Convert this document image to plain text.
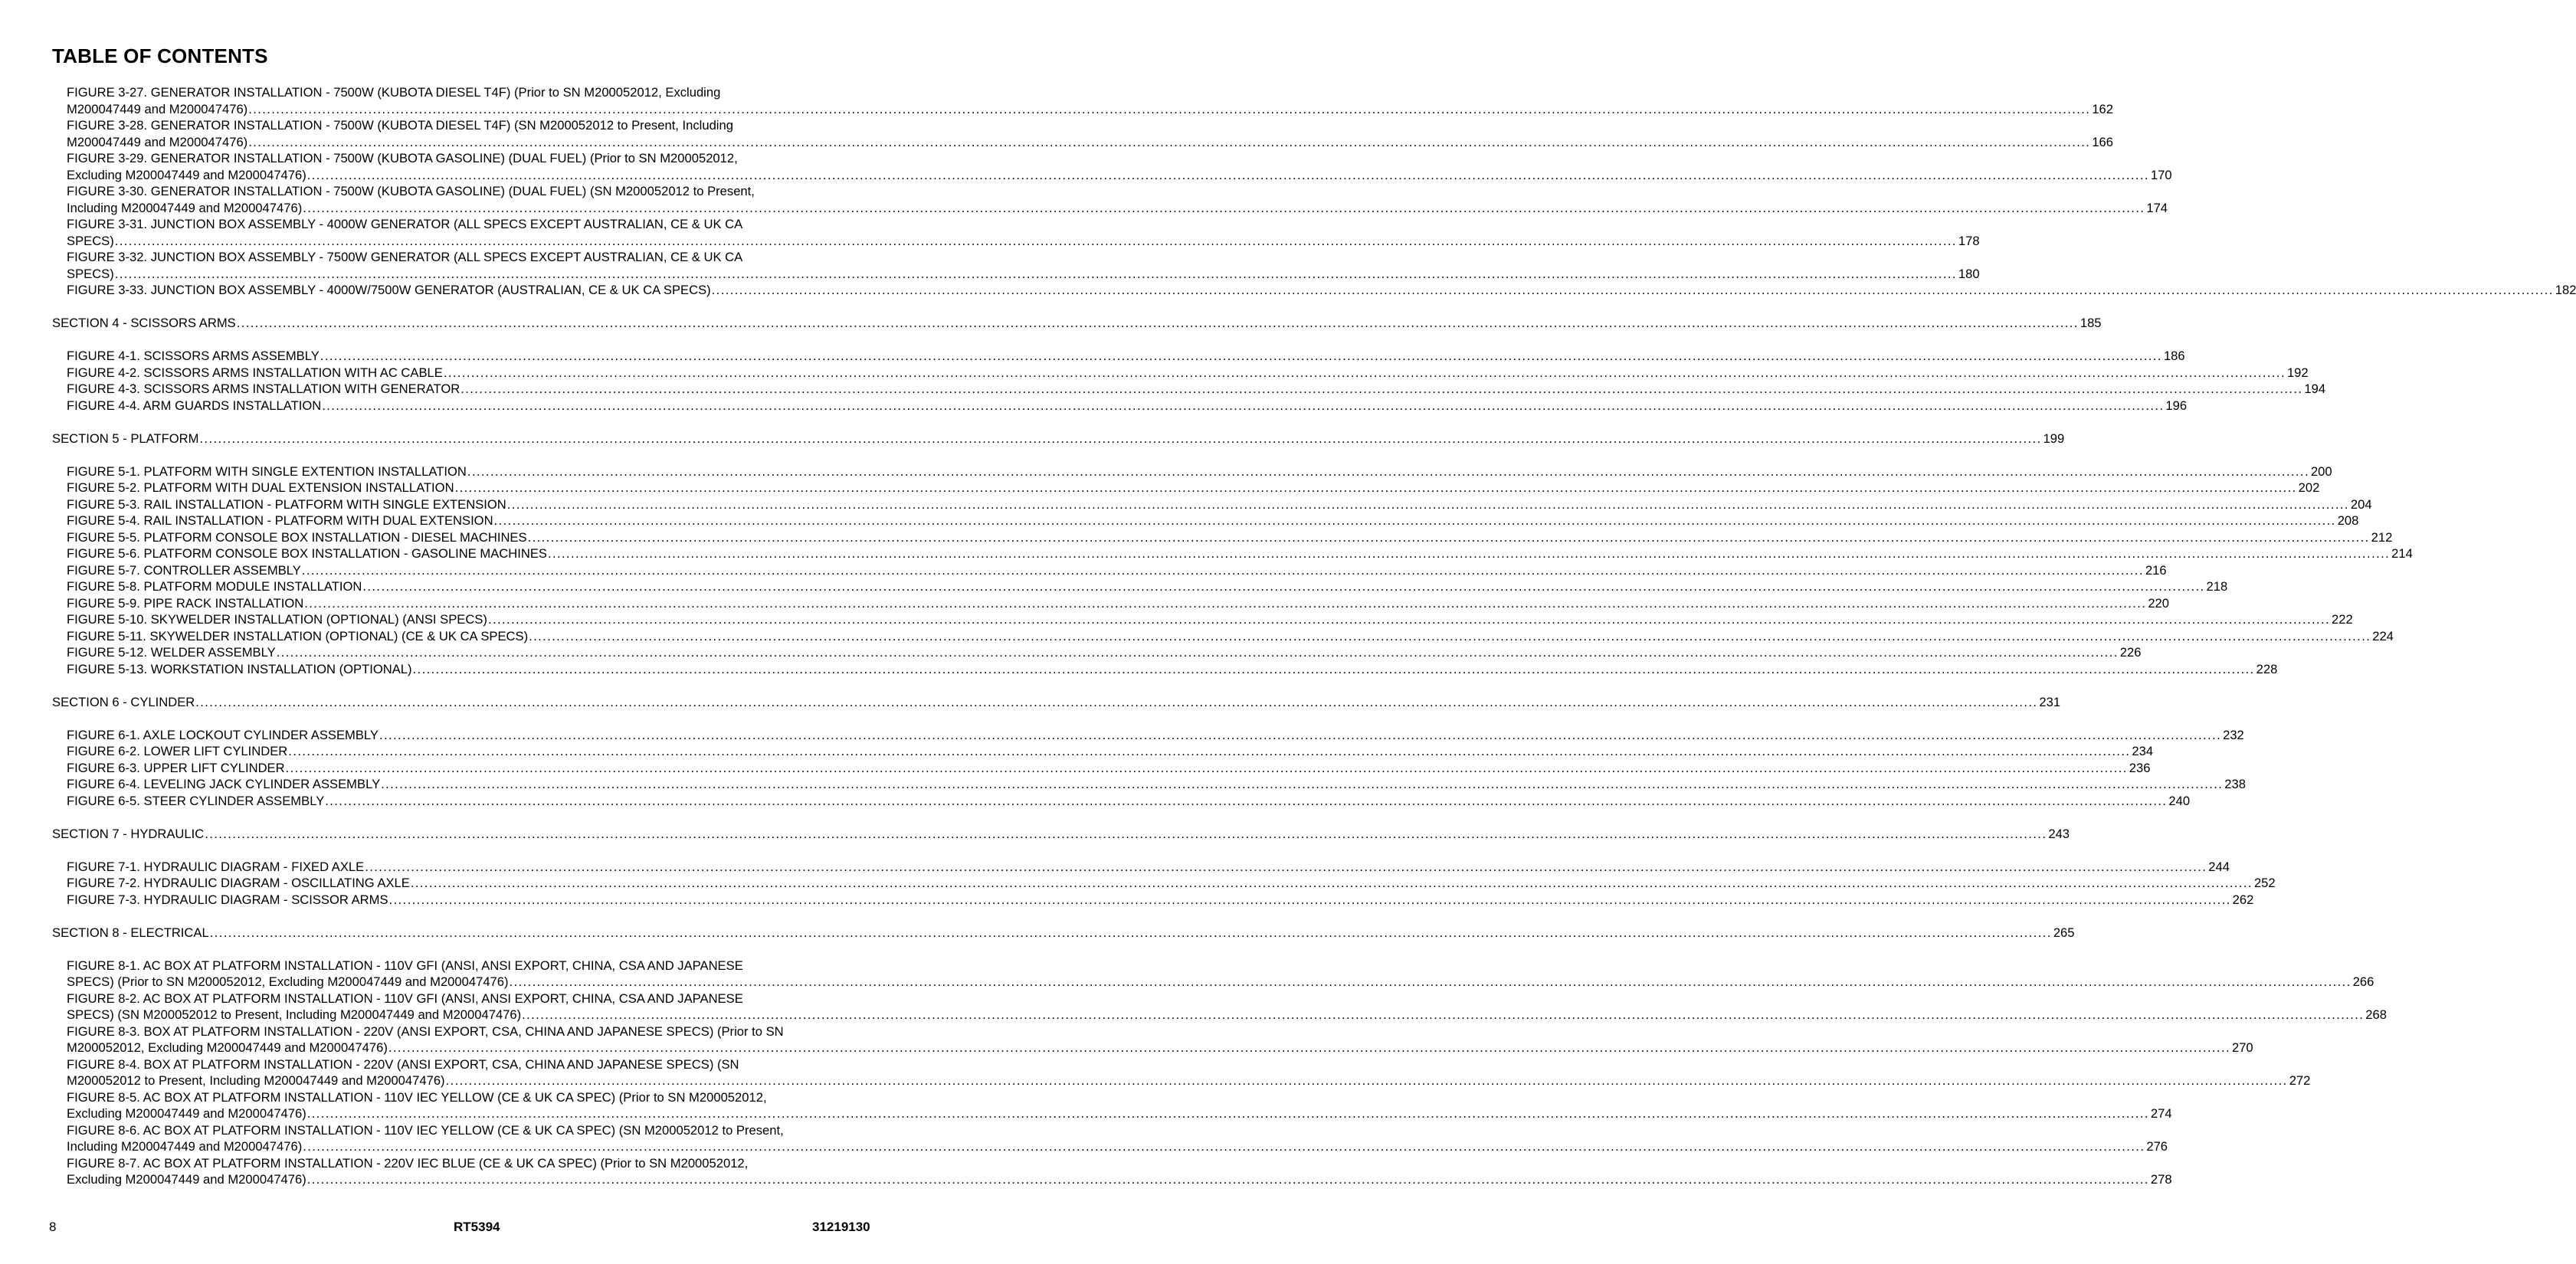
TABLE OF CONTENTS
FIGURE 3-27. GENERATOR INSTALLATION - 7500W (KUBOTA DIESEL T4F) (Prior to SN M200052012, Excluding
M200047449 and M200047476) ................................................................................................................................................................................................................................................................................................................................................................................................................ 162
FIGURE 3-28. GENERATOR INSTALLATION - 7500W (KUBOTA DIESEL T4F) (SN M200052012 to Present, Including
M200047449 and M200047476) ................................................................................................................................................................................................................................................................................................................................................................................................................ 166
FIGURE 3-29. GENERATOR INSTALLATION - 7500W (KUBOTA GASOLINE) (DUAL FUEL) (Prior to SN M200052012,
Excluding M200047449 and M200047476) ................................................................................................................................................................................................................................................................................................................................................................................................................ 170
FIGURE 3-30. GENERATOR INSTALLATION - 7500W (KUBOTA GASOLINE) (DUAL FUEL) (SN M200052012 to Present,
Including M200047449 and M200047476) ................................................................................................................................................................................................................................................................................................................................................................................................................ 174
FIGURE 3-31. JUNCTION BOX ASSEMBLY - 4000W GENERATOR (ALL SPECS EXCEPT AUSTRALIAN, CE & UK CA
SPECS) ................................................................................................................................................................................................................................................................................................................................................................................................................ 178
FIGURE 3-32. JUNCTION BOX ASSEMBLY - 7500W GENERATOR (ALL SPECS EXCEPT AUSTRALIAN, CE & UK CA
SPECS) ................................................................................................................................................................................................................................................................................................................................................................................................................ 180
FIGURE 3-33. JUNCTION BOX ASSEMBLY - 4000W/7500W GENERATOR (AUSTRALIAN, CE & UK CA SPECS) ................................................................................................................................................................................................................................................................................................................................................................................................................ 182
SECTION 4 - SCISSORS ARMS ................................................................................................................................................................................................................................................................................................................................................................................................................ 185
FIGURE 4-1. SCISSORS ARMS ASSEMBLY ................................................................................................................................................................................................................................................................................................................................................................................................................ 186
FIGURE 4-2. SCISSORS ARMS INSTALLATION WITH AC CABLE ................................................................................................................................................................................................................................................................................................................................................................................................................ 192
FIGURE 4-3. SCISSORS ARMS INSTALLATION WITH GENERATOR ................................................................................................................................................................................................................................................................................................................................................................................................................ 194
FIGURE 4-4. ARM GUARDS INSTALLATION ................................................................................................................................................................................................................................................................................................................................................................................................................ 196
SECTION 5 - PLATFORM ................................................................................................................................................................................................................................................................................................................................................................................................................ 199
FIGURE 5-1. PLATFORM WITH SINGLE EXTENTION INSTALLATION ................................................................................................................................................................................................................................................................................................................................................................................................................ 200
FIGURE 5-2. PLATFORM WITH DUAL EXTENSION INSTALLATION ................................................................................................................................................................................................................................................................................................................................................................................................................ 202
FIGURE 5-3. RAIL INSTALLATION - PLATFORM WITH SINGLE EXTENSION ................................................................................................................................................................................................................................................................................................................................................................................................................ 204
FIGURE 5-4. RAIL INSTALLATION - PLATFORM WITH DUAL EXTENSION ................................................................................................................................................................................................................................................................................................................................................................................................................ 208
FIGURE 5-5. PLATFORM CONSOLE BOX INSTALLATION - DIESEL MACHINES ................................................................................................................................................................................................................................................................................................................................................................................................................ 212
FIGURE 5-6. PLATFORM CONSOLE BOX INSTALLATION - GASOLINE MACHINES ................................................................................................................................................................................................................................................................................................................................................................................................................ 214
FIGURE 5-7. CONTROLLER ASSEMBLY ................................................................................................................................................................................................................................................................................................................................................................................................................ 216
FIGURE 5-8. PLATFORM MODULE INSTALLATION ................................................................................................................................................................................................................................................................................................................................................................................................................ 218
FIGURE 5-9. PIPE RACK INSTALLATION ................................................................................................................................................................................................................................................................................................................................................................................................................ 220
FIGURE 5-10. SKYWELDER INSTALLATION (OPTIONAL) (ANSI SPECS) ................................................................................................................................................................................................................................................................................................................................................................................................................ 222
FIGURE 5-11. SKYWELDER INSTALLATION (OPTIONAL) (CE & UK CA SPECS) ................................................................................................................................................................................................................................................................................................................................................................................................................ 224
FIGURE 5-12. WELDER ASSEMBLY ................................................................................................................................................................................................................................................................................................................................................................................................................ 226
FIGURE 5-13. WORKSTATION INSTALLATION (OPTIONAL) ................................................................................................................................................................................................................................................................................................................................................................................................................ 228
SECTION 6 - CYLINDER ................................................................................................................................................................................................................................................................................................................................................................................................................ 231
FIGURE 6-1. AXLE LOCKOUT CYLINDER ASSEMBLY ................................................................................................................................................................................................................................................................................................................................................................................................................ 232
FIGURE 6-2. LOWER LIFT CYLINDER ................................................................................................................................................................................................................................................................................................................................................................................................................ 234
FIGURE 6-3. UPPER LIFT CYLINDER ................................................................................................................................................................................................................................................................................................................................................................................................................ 236
FIGURE 6-4. LEVELING JACK CYLINDER ASSEMBLY ................................................................................................................................................................................................................................................................................................................................................................................................................ 238
FIGURE 6-5. STEER CYLINDER ASSEMBLY ................................................................................................................................................................................................................................................................................................................................................................................................................ 240
SECTION 7 - HYDRAULIC ................................................................................................................................................................................................................................................................................................................................................................................................................ 243
FIGURE 7-1. HYDRAULIC DIAGRAM - FIXED AXLE ................................................................................................................................................................................................................................................................................................................................................................................................................ 244
FIGURE 7-2. HYDRAULIC DIAGRAM - OSCILLATING AXLE ................................................................................................................................................................................................................................................................................................................................................................................................................ 252
FIGURE 7-3. HYDRAULIC DIAGRAM - SCISSOR ARMS ................................................................................................................................................................................................................................................................................................................................................................................................................ 262
SECTION 8 - ELECTRICAL ................................................................................................................................................................................................................................................................................................................................................................................................................ 265
FIGURE 8-1. AC BOX AT PLATFORM INSTALLATION - 110V GFI (ANSI, ANSI EXPORT, CHINA, CSA AND JAPANESE
SPECS) (Prior to SN M200052012, Excluding M200047449 and M200047476) ................................................................................................................................................................................................................................................................................................................................................................................................................ 266
FIGURE 8-2. AC BOX AT PLATFORM INSTALLATION - 110V GFI (ANSI, ANSI EXPORT, CHINA, CSA AND JAPANESE
SPECS) (SN M200052012 to Present, Including M200047449 and M200047476) ................................................................................................................................................................................................................................................................................................................................................................................................................ 268
FIGURE 8-3. BOX AT PLATFORM INSTALLATION - 220V (ANSI EXPORT, CSA, CHINA AND JAPANESE SPECS) (Prior to SN
M200052012, Excluding M200047449 and M200047476) ................................................................................................................................................................................................................................................................................................................................................................................................................ 270
FIGURE 8-4. BOX AT PLATFORM INSTALLATION - 220V (ANSI EXPORT, CSA, CHINA AND JAPANESE SPECS) (SN
M200052012 to Present, Including M200047449 and M200047476) ................................................................................................................................................................................................................................................................................................................................................................................................................ 272
FIGURE 8-5. AC BOX AT PLATFORM INSTALLATION - 110V IEC YELLOW (CE & UK CA SPEC) (Prior to SN M200052012,
Excluding M200047449 and M200047476) ................................................................................................................................................................................................................................................................................................................................................................................................................ 274
FIGURE 8-6. AC BOX AT PLATFORM INSTALLATION - 110V IEC YELLOW (CE & UK CA SPEC) (SN M200052012 to Present,
Including M200047449 and M200047476) ................................................................................................................................................................................................................................................................................................................................................................................................................ 276
FIGURE 8-7. AC BOX AT PLATFORM INSTALLATION - 220V IEC BLUE (CE & UK CA SPEC) (Prior to SN M200052012,
Excluding M200047449 and M200047476) ................................................................................................................................................................................................................................................................................................................................................................................................................ 278
8	RT5394	31219130
